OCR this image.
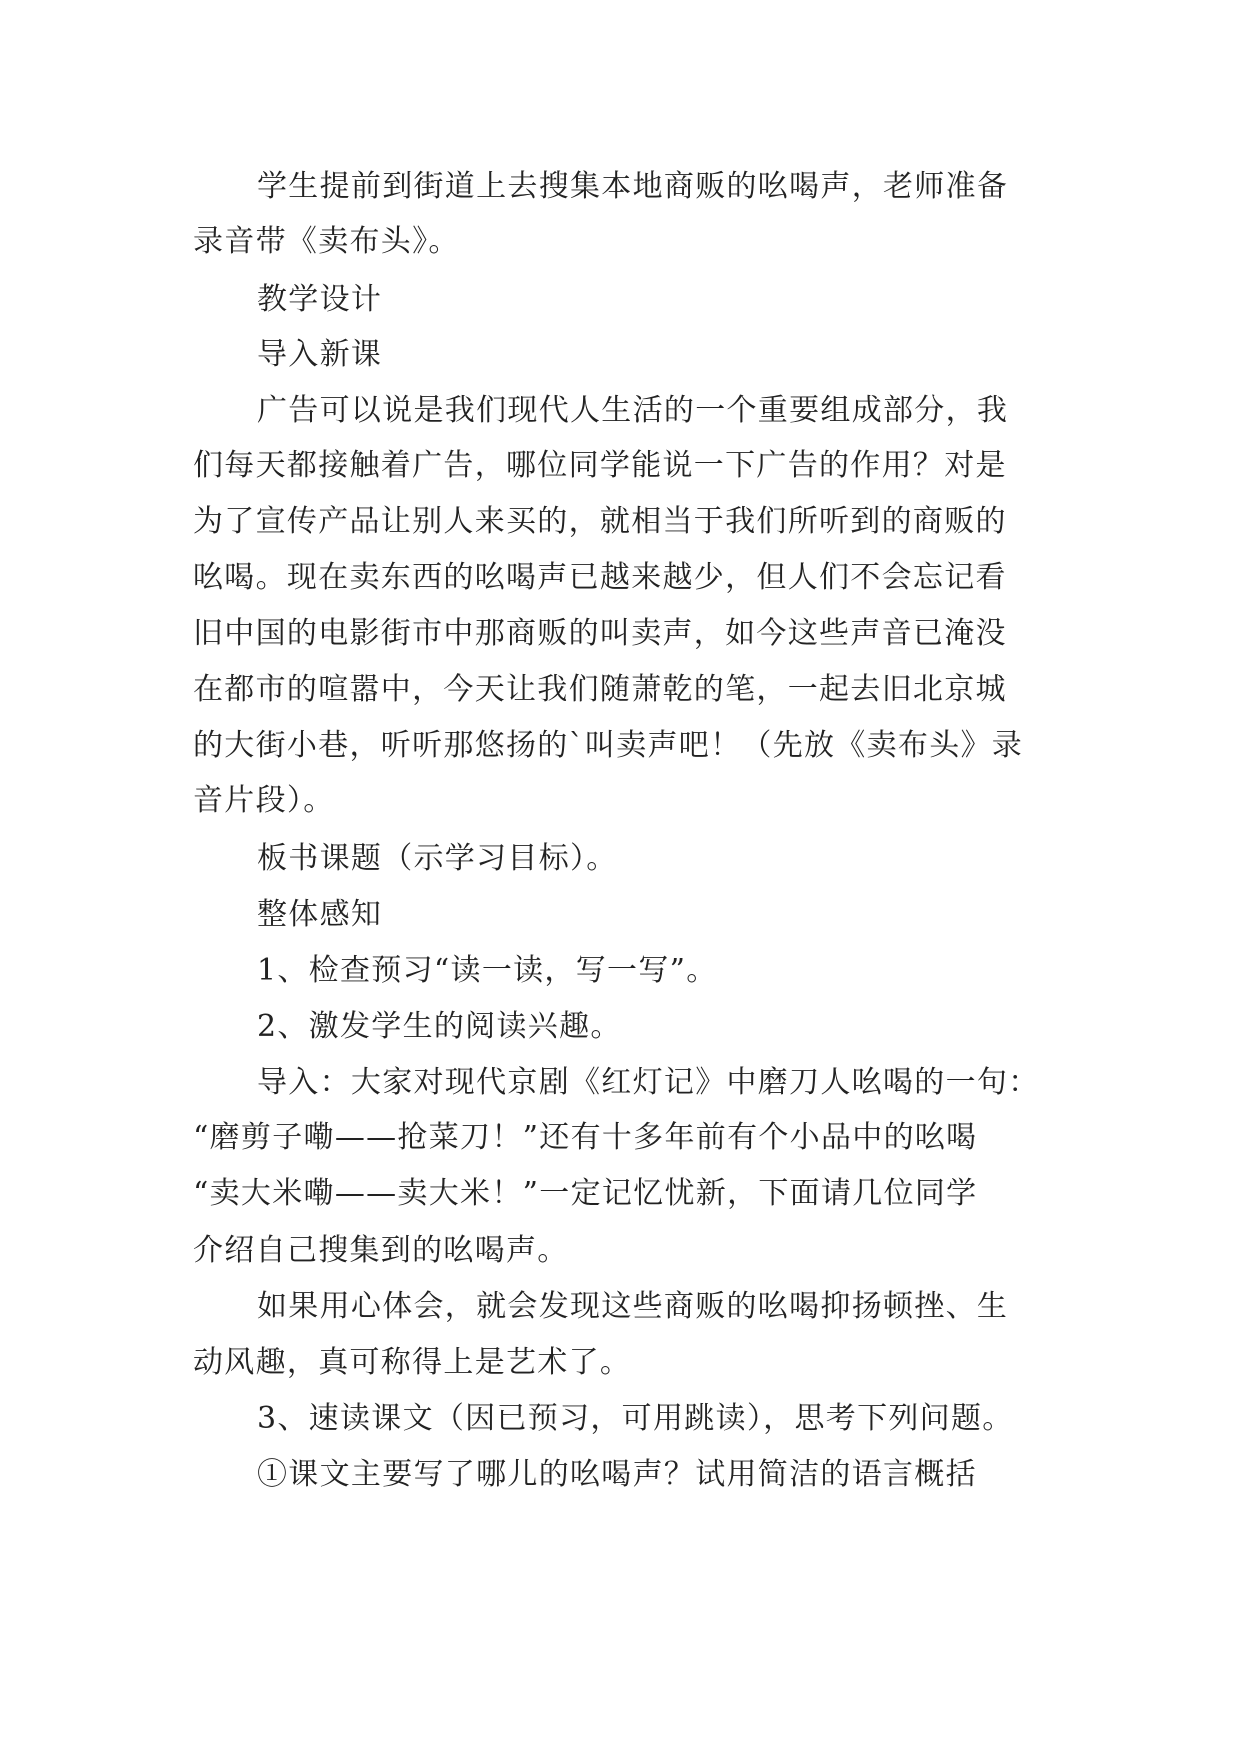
学生提前到街道上去搜集本地商贩的吆喝声，老师准备
录音带《卖布头》。
教学设计
导入新课
广告可以说是我们现代人生活的一个重要组成部分，我
们每天都接触着广告，哪位同学能说一下广告的作用？对是
为了宣传产品让别人来买的，就相当于我们所听到的商贩的
吆喝。现在卖东西的吆喝声已越来越少，但人们不会忘记看
旧中国的电影街市中那商贩的叫卖声，如今这些声音已淹没
在都市的喧嚣中，今天让我们随萧乾的笔，一起去旧北京城
的大街小巷，听听那悠扬的`叫卖声吧！（先放《卖布头》录
音片段）。
板书课题（示学习目标）。
整体感知
1、检查预习“读一读，写一写”。
2、激发学生的阅读兴趣。
导入：大家对现代京剧《红灯记》中磨刀人吆喝的一句：
“磨剪子嘞——抢菜刀！”还有十多年前有个小品中的吆喝
“卖大米嘞——卖大米！”一定记忆忧新，下面请几位同学
介绍自己搜集到的吆喝声。
如果用心体会，就会发现这些商贩的吆喝抑扬顿挫、生
动风趣，真可称得上是艺术了。
3、速读课文（因已预习，可用跳读），思考下列问题。
①课文主要写了哪儿的吆喝声？试用简洁的语言概括
